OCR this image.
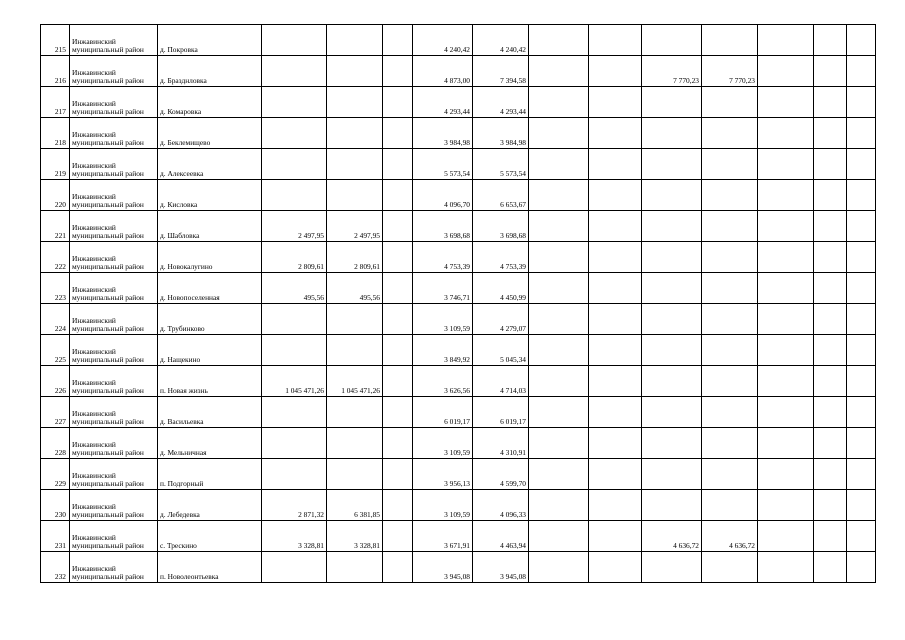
215	Инжавинский муниципальный район	д. Покровка				4 240,42	4 240,42							
216	Инжавинский муниципальный район	д. Бразднловка				4 873,00	7 394,58			7 770,23	7 770,23			
217	Инжавинский муниципальный район	д. Комаровка				4 293,44	4 293,44							
218	Инжавинский муниципальный район	д. Беклемищево				3 984,98	3 984,98							
219	Инжавинский муниципальный район	д. Алексеевка				5 573,54	5 573,54							
220	Инжавинский муниципальный район	д. Кисловка				4 096,70	6 653,67							
221	Инжавинский муниципальный район	д. Шабловка	2 497,95	2 497,95		3 698,68	3 698,68							
222	Инжавинский муниципальный район	д. Новокалугино	2 809,61	2 809,61		4 753,39	4 753,39							
223	Инжавинский муниципальный район	д. Новопоселенная	495,56	495,56		3 746,71	4 450,99							
224	Инжавинский муниципальный район	д. Трубинково				3 109,59	4 279,07							
225	Инжавинский муниципальный район	д. Нащекино				3 849,92	5 045,34							
226	Инжавинский муниципальный район	п. Новая жизнь	1 045 471,26	1 045 471,26		3 626,56	4 714,03							
227	Инжавинский муниципальный район	д. Васильевка				6 019,17	6 019,17							
228	Инжавинский муниципальный район	д. Мельничная				3 109,59	4 310,91							
229	Инжавинский муниципальный район	п. Подгорный				3 956,13	4 599,70							
230	Инжавинский муниципальный район	д. Лебедевка	2 871,32	6 381,85		3 109,59	4 096,33							
231	Инжавинский муниципальный район	с. Трескино	3 328,81	3 328,81		3 671,91	4 463,94			4 636,72	4 636,72			
232	Инжавинский муниципальный район	п. Новолеонтьевка				3 945,08	3 945,08							
